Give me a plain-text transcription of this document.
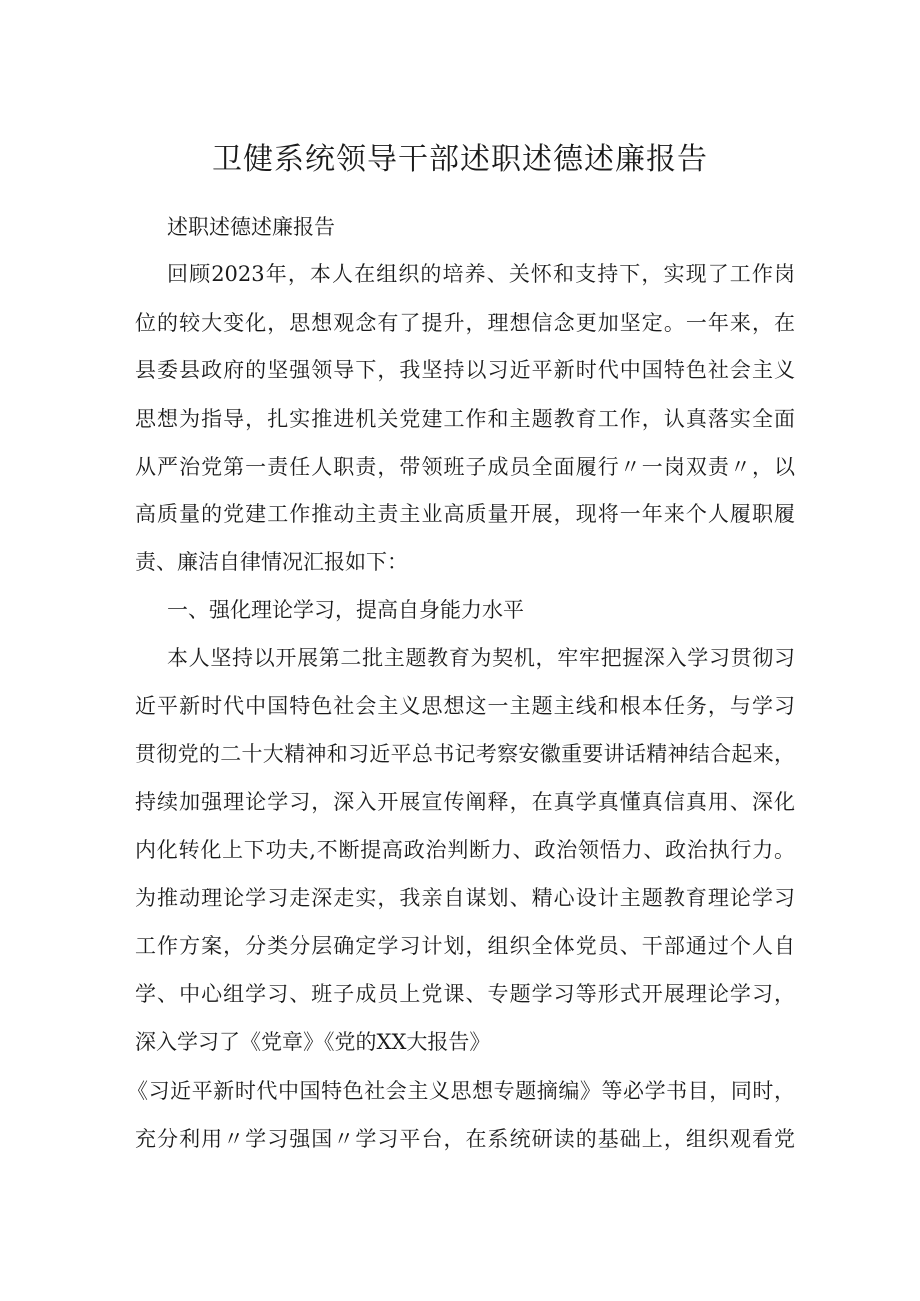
卫健系统领导干部述职述德述廉报告
述职述德述廉报告
回顾2023年，本人在组织的培养、关怀和支持下，实现了工作岗
位的较大变化，思想观念有了提升，理想信念更加坚定。一年来，在
县委县政府的坚强领导下，我坚持以习近平新时代中国特色社会主义
思想为指导，扎实推进机关党建工作和主题教育工作，认真落实全面
从严治党第一责任人职责，带领班子成员全面履行〃一岗双责〃，以
高质量的党建工作推动主责主业高质量开展，现将一年来个人履职履
责、廉洁自律情况汇报如下：
一、强化理论学习，提高自身能力水平
本人坚持以开展第二批主题教育为契机，牢牢把握深入学习贯彻习
近平新时代中国特色社会主义思想这一主题主线和根本任务，与学习
贯彻党的二十大精神和习近平总书记考察安徽重要讲话精神结合起来，
持续加强理论学习，深入开展宣传阐释，在真学真懂真信真用、深化
内化转化上下功夫,不断提高政治判断力、政治领悟力、政治执行力。
为推动理论学习走深走实，我亲自谋划、精心设计主题教育理论学习
工作方案，分类分层确定学习计划，组织全体党员、干部通过个人自
学、中心组学习、班子成员上党课、专题学习等形式开展理论学习，
深入学习了《党章》《党的XX大报告》
《习近平新时代中国特色社会主义思想专题摘编》等必学书目，同时，
充分利用〃学习强国〃学习平台，在系统研读的基础上，组织观看党
